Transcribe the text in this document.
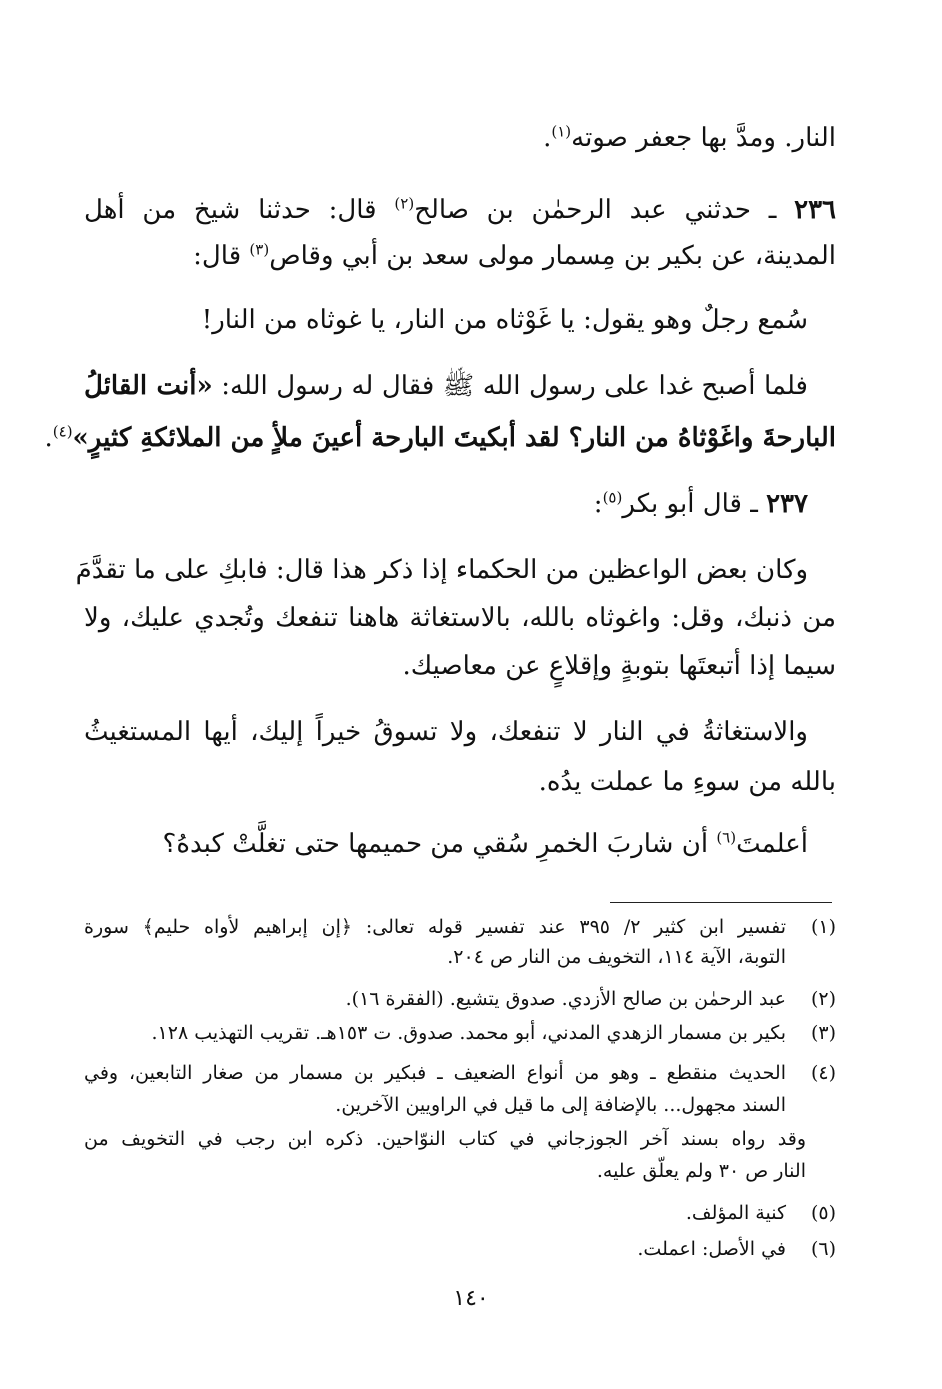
النار. ومدَّ بها جعفر صوته$^{(١)}$.
٢٣٦ ـ حدثني عبد الرحمٰن بن صالح$^{(٢)}$ قال: حدثنا شيخ من أهل
المدينة، عن بكير بن مِسمار مولى سعد بن أبي وقاص$^{(٣)}$ قال:
سُمع رجلٌ وهو يقول: يا غَوْثاه من النار، يا غوثاه من النار!
فلما أصبح غدا على رسول الله ﷺ فقال له رسول الله: «أنت القائلُ
البارحةَ واغَوْثاهُ من النار؟ لقد أبكيتَ البارحة أعينَ ملأٍ من الملائكةِ كثيرٍ»$^{(٤)}$.
٢٣٧ ـ قال أبو بكر$^{(٥)}$:
وكان بعض الواعظين من الحكماء إذا ذكر هذا قال: فابكِ على ما تقدَّمَ
من ذنبك، وقل: واغوثاه بالله، بالاستغاثة هاهنا تنفعك وتُجدي عليك، ولا
سيما إذا أتبعتَها بتوبةٍ وإقلاعٍ عن معاصيك.
والاستغاثةُ في النار لا تنفعك، ولا تسوقُ خيراً إليك، أيها المستغيثُ
بالله من سوءِ ما عملت يدُه.
أعلمتَ$^{(٦)}$ أن شاربَ الخمرِ سُقي من حميمها حتى تغلَّتْ كبدهُ؟
(١)
تفسير ابن كثير ٢/ ٣٩٥ عند تفسير قوله تعالى: ﴿إن إبراهيم لأواه حليم﴾ سورة
التوبة، الآية ١١٤، التخويف من النار ص ٢٠٤.
(٢)
عبد الرحمٰن بن صالح الأزدي. صدوق يتشيع. (الفقرة ١٦).
(٣)
بكير بن مسمار الزهدي المدني، أبو محمد. صدوق. ت ١٥٣هـ. تقريب التهذيب ١٢٨.
(٤)
الحديث منقطع ـ وهو من أنواع الضعيف ـ فبكير بن مسمار من صغار التابعين، وفي
السند مجهول... بالإضافة إلى ما قيل في الراويين الآخرين.
وقد رواه بسند آخر الجوزجاني في كتاب النوّاحين. ذكره ابن رجب في التخويف من
النار ص ٣٠ ولم يعلّق عليه.
(٥)
كنية المؤلف.
(٦)
في الأصل: اعملت.
١٤٠
